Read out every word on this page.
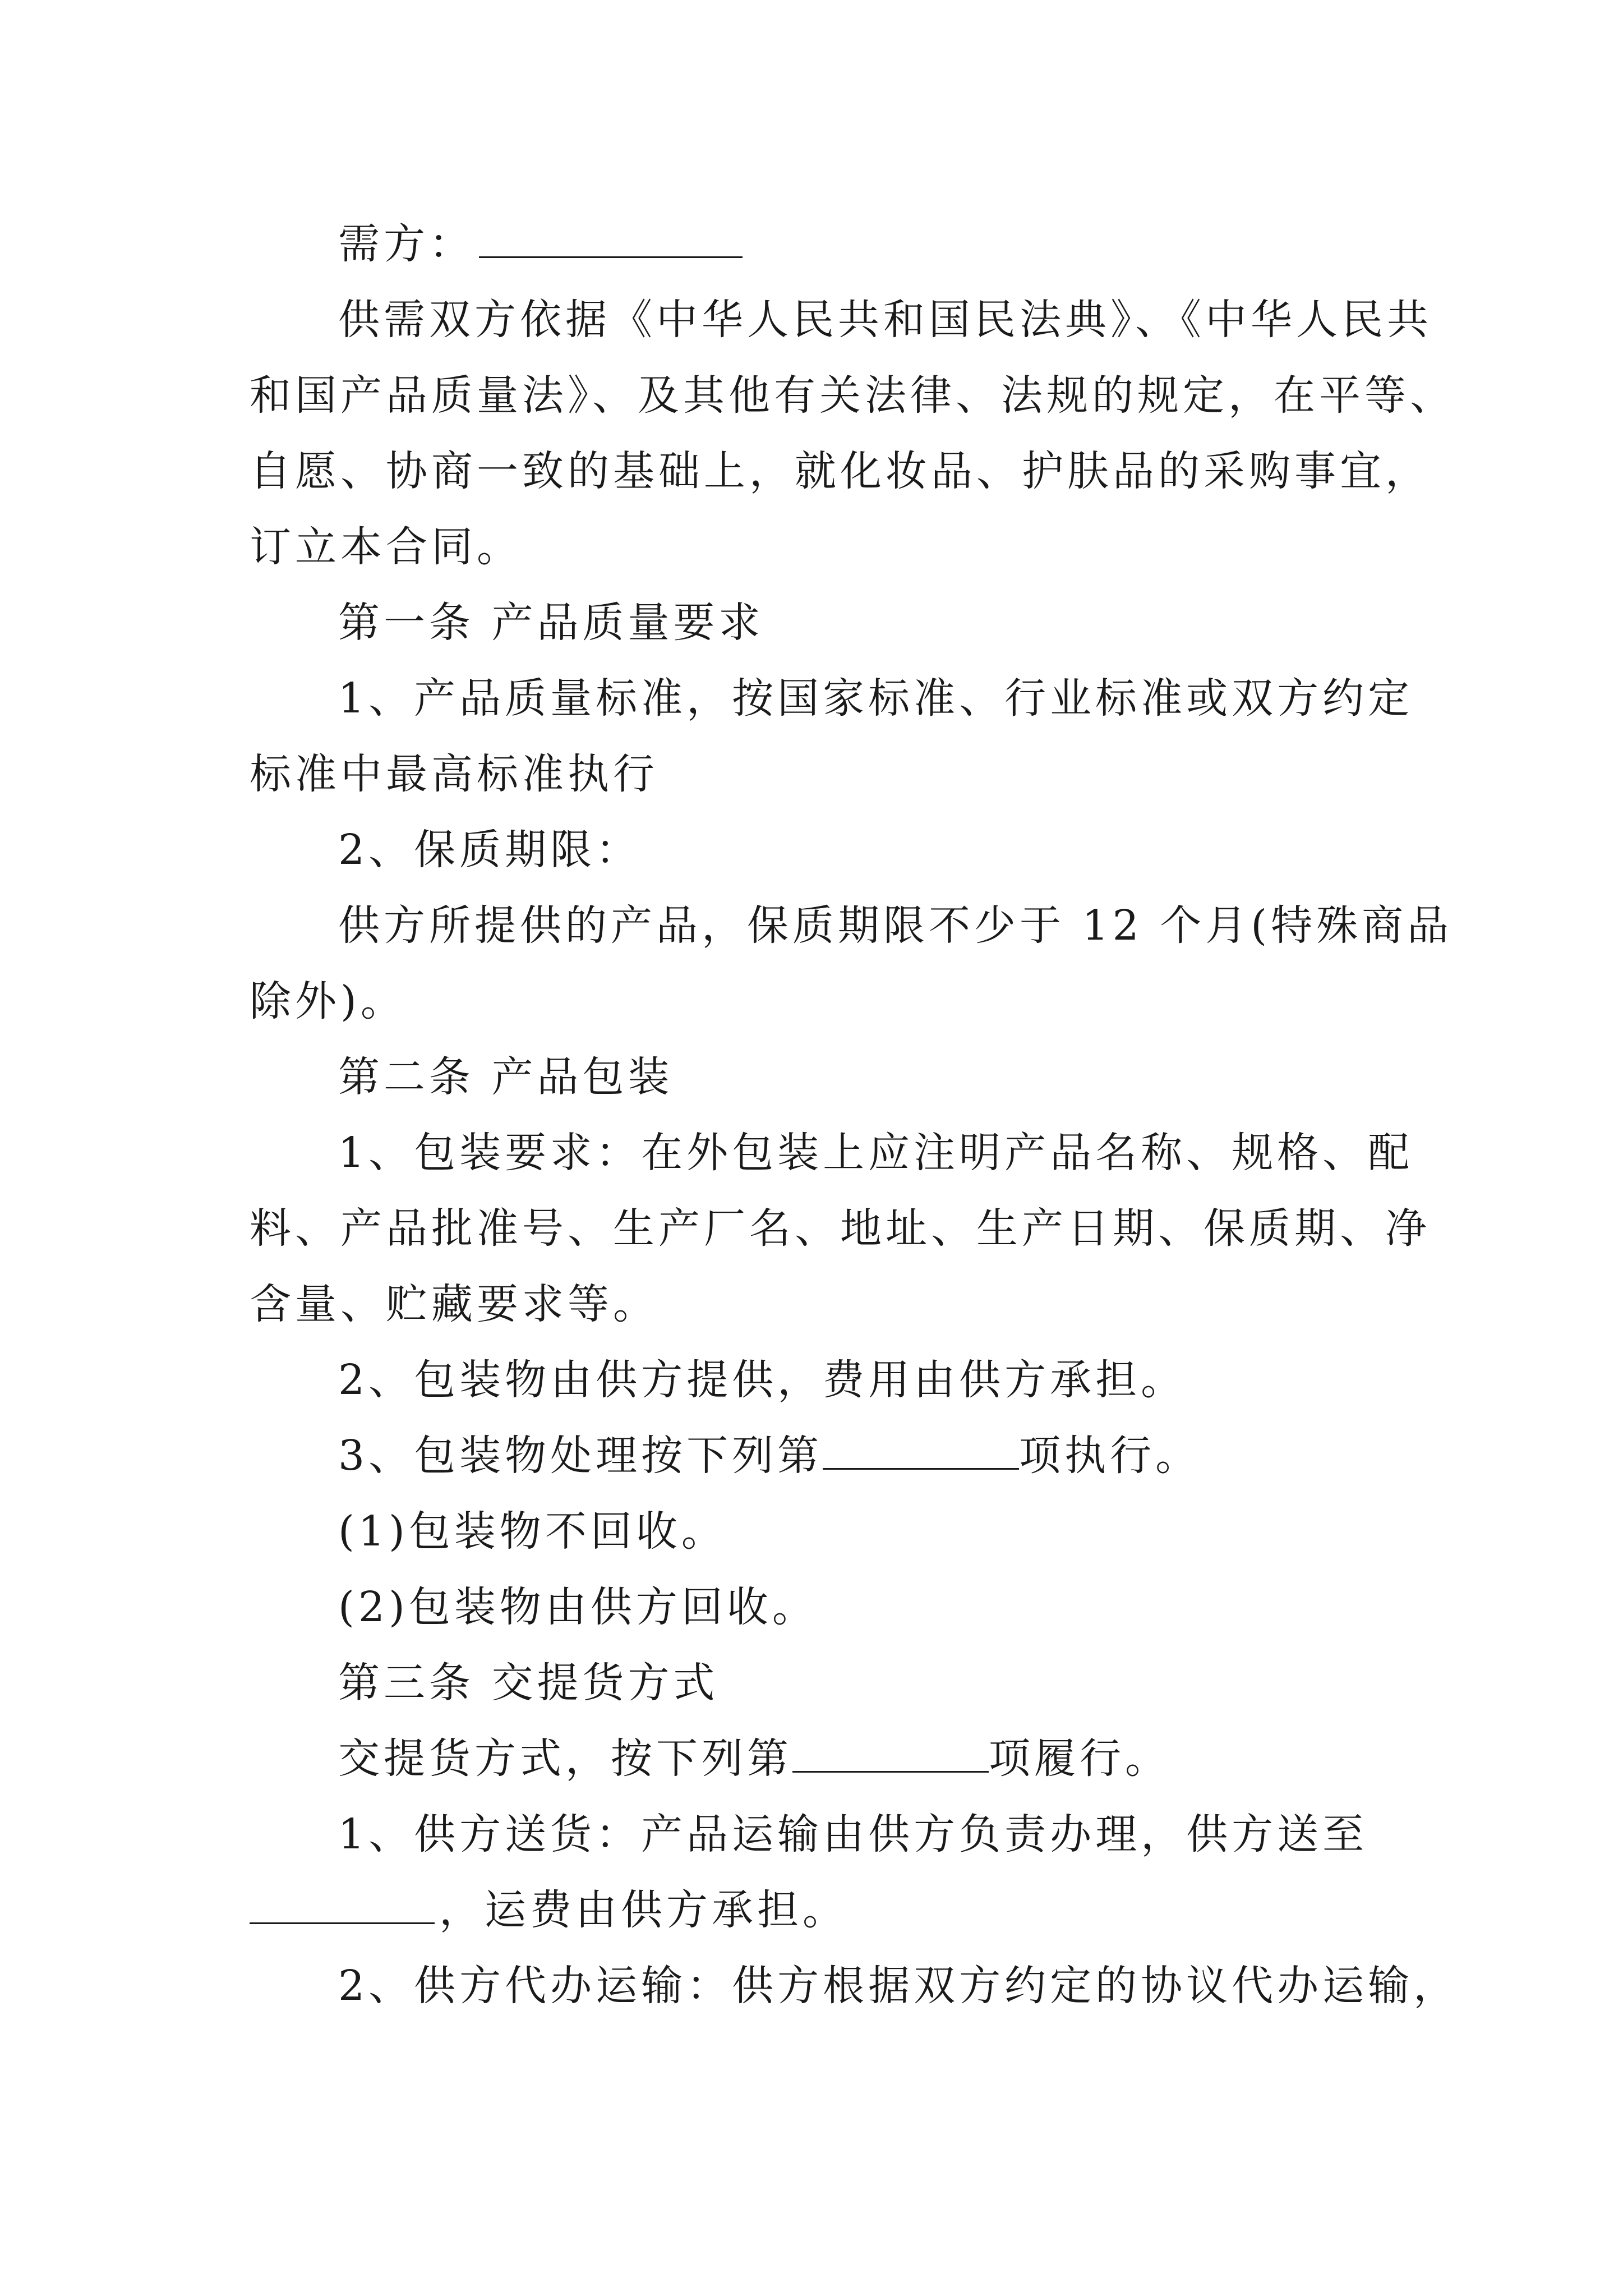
需方：
供需双方依据《中华人民共和国民法典》、《中华人民共
和国产品质量法》、及其他有关法律、法规的规定，在平等、
自愿、协商一致的基础上，就化妆品、护肤品的采购事宜，
订立本合同。
第一条 产品质量要求
1、产品质量标准，按国家标准、行业标准或双方约定
标准中最高标准执行
2、保质期限：
供方所提供的产品，保质期限不少于 12 个月(特殊商品
除外)。
第二条 产品包装
1、包装要求：在外包装上应注明产品名称、规格、配
料、产品批准号、生产厂名、地址、生产日期、保质期、净
含量、贮藏要求等。
2、包装物由供方提供，费用由供方承担。
3、包装物处理按下列第	项执行。
(1)包装物不回收。
(2)包装物由供方回收。
第三条 交提货方式
交提货方式，按下列第	项履行。
1、供方送货：产品运输由供方负责办理，供方送至
，运费由供方承担。
2、供方代办运输：供方根据双方约定的协议代办运输，
